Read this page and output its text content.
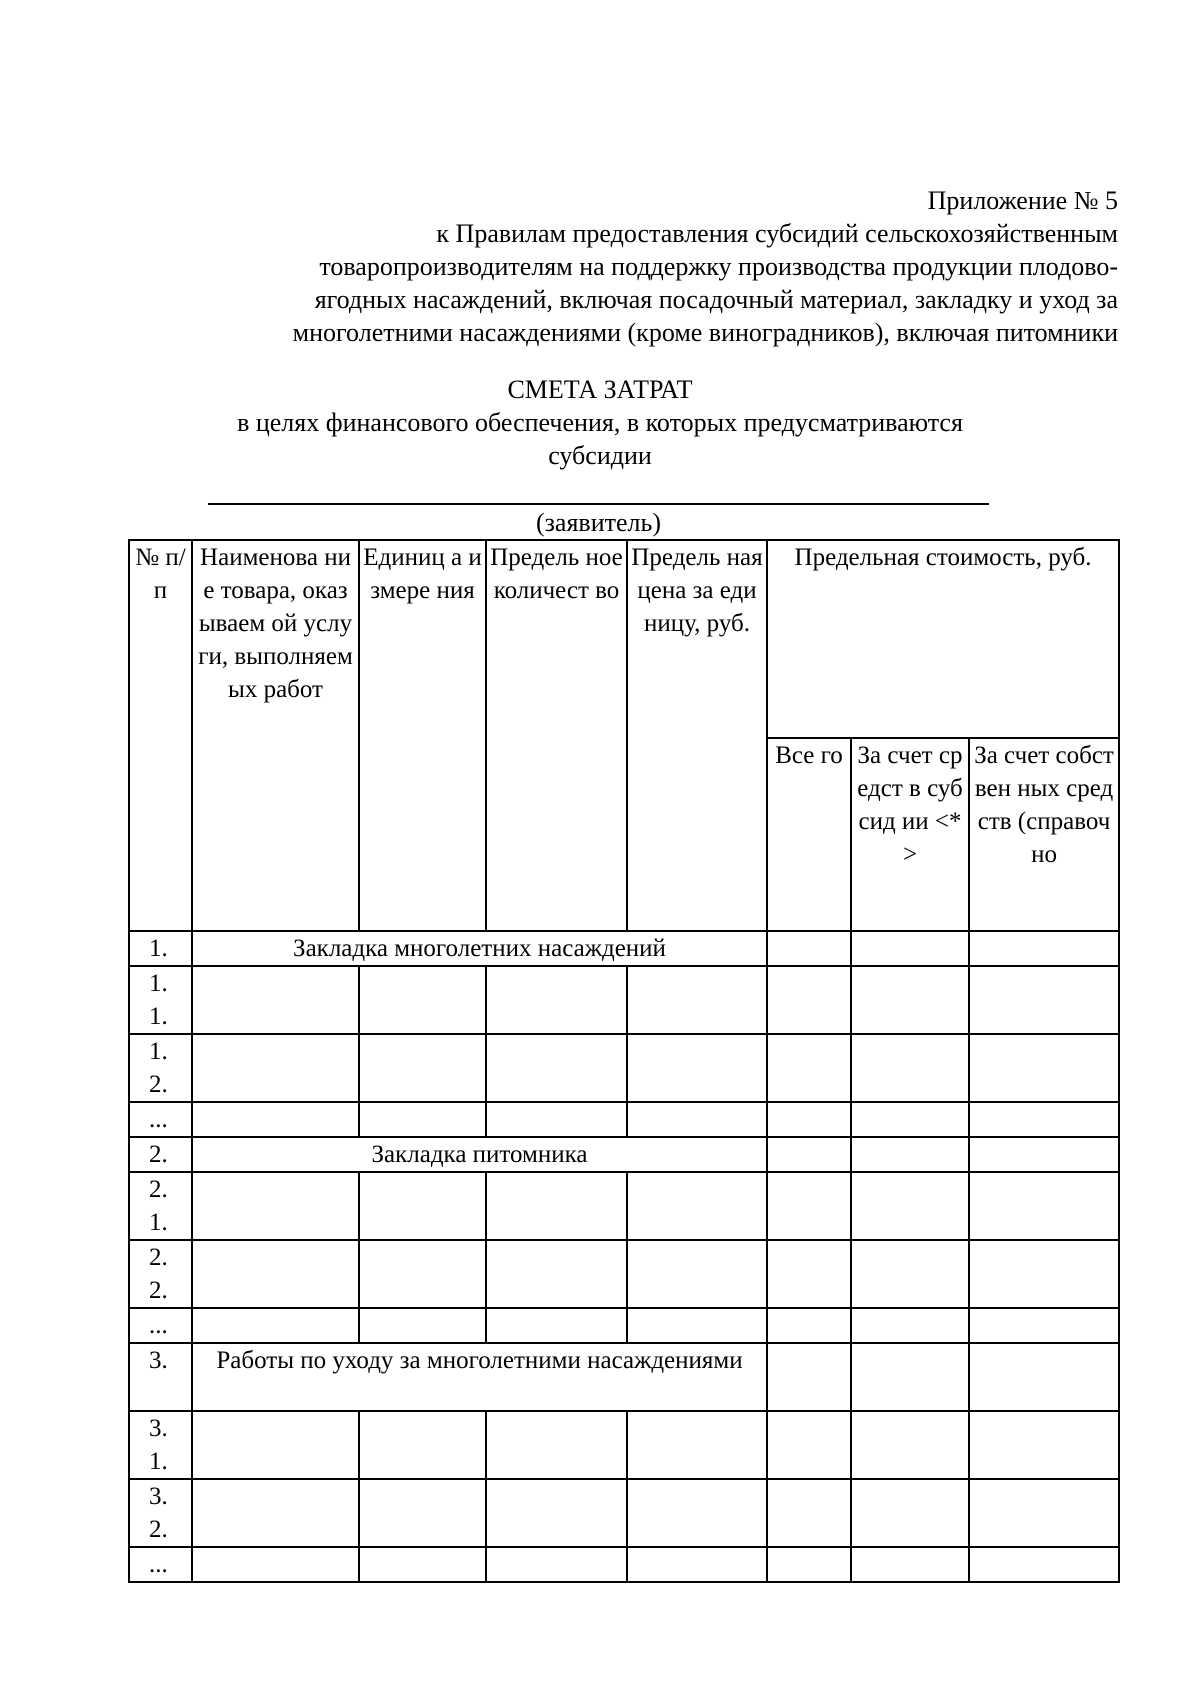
Приложение № 5
к Правилам предоставления субсидий сельскохозяйственным
товаропроизводителям на поддержку производства продукции плодово-
ягодных насаждений, включая посадочный материал, закладку и уход за
многолетними насаждениями (кроме виноградников), включая питомники
СМЕТА ЗАТРАТ
в целях финансового обеспечения, в которых предусматриваются
субсидии
(заявитель)
№ п/ п	Наименова ние товара, оказываем ой услуги, выполняем ых работ	Единиц а измере ния	Предель ное количест во	Предель ная цена за единицу, руб.	Предельная стоимость, руб.		
					Все го	За счет средст в субсид ии <*>	За счет собствен ных средств (справоч но
1.	Закладка многолетних насаждений						
1. 1.							
1. 2.							
...							
2.	Закладка питомника						
2. 1.							
2. 2.							
...							
3.	Работы по уходу за многолетними насаждениями						
3. 1.							
3. 2.							
...							
